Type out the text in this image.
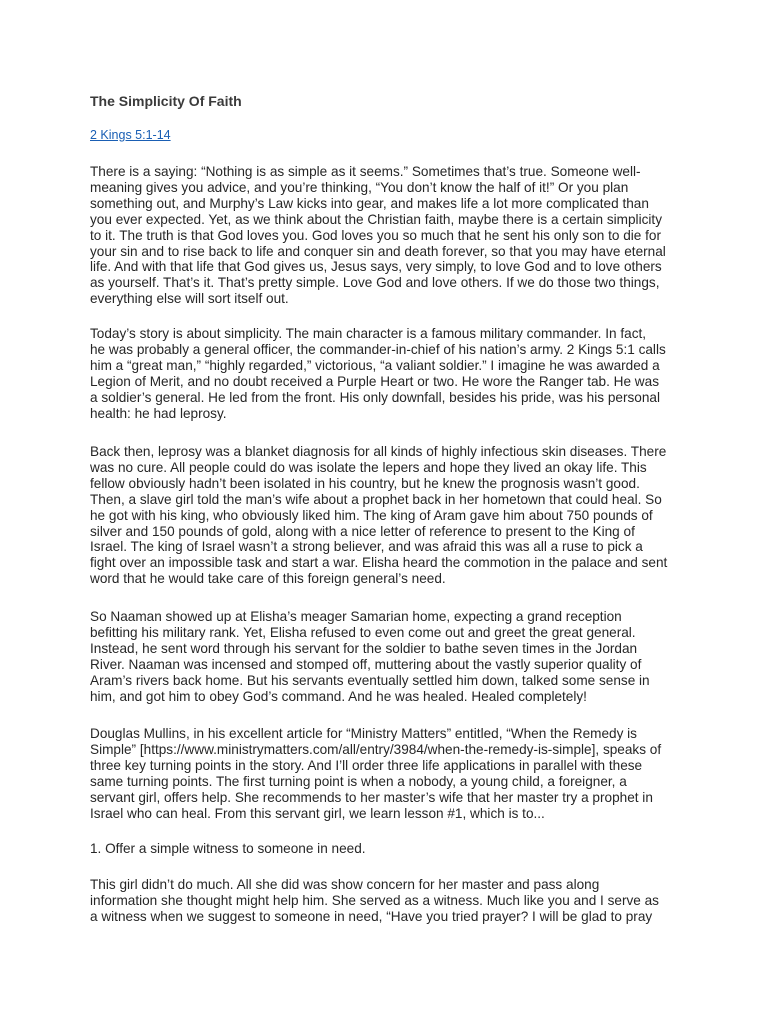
The Simplicity Of Faith
2 Kings 5:1-14

There is a saying: “Nothing is as simple as it seems.” Sometimes that’s true. Someone well-
meaning gives you advice, and you’re thinking, “You don’t know the half of it!” Or you plan
something out, and Murphy’s Law kicks into gear, and makes life a lot more complicated than
you ever expected. Yet, as we think about the Christian faith, maybe there is a certain simplicity
to it. The truth is that God loves you. God loves you so much that he sent his only son to die for
your sin and to rise back to life and conquer sin and death forever, so that you may have eternal
life. And with that life that God gives us, Jesus says, very simply, to love God and to love others
as yourself. That’s it. That’s pretty simple. Love God and love others. If we do those two things,
everything else will sort itself out.

Today’s story is about simplicity. The main character is a famous military commander. In fact,
he was probably a general officer, the commander-in-chief of his nation’s army. 2 Kings 5:1 calls
him a “great man,” “highly regarded,” victorious, “a valiant soldier.” I imagine he was awarded a
Legion of Merit, and no doubt received a Purple Heart or two. He wore the Ranger tab. He was
a soldier’s general. He led from the front. His only downfall, besides his pride, was his personal
health: he had leprosy.

Back then, leprosy was a blanket diagnosis for all kinds of highly infectious skin diseases. There
was no cure. All people could do was isolate the lepers and hope they lived an okay life. This
fellow obviously hadn’t been isolated in his country, but he knew the prognosis wasn’t good.
Then, a slave girl told the man’s wife about a prophet back in her hometown that could heal. So
he got with his king, who obviously liked him. The king of Aram gave him about 750 pounds of
silver and 150 pounds of gold, along with a nice letter of reference to present to the King of
Israel. The king of Israel wasn’t a strong believer, and was afraid this was all a ruse to pick a
fight over an impossible task and start a war. Elisha heard the commotion in the palace and sent
word that he would take care of this foreign general’s need.

So Naaman showed up at Elisha’s meager Samarian home, expecting a grand reception
befitting his military rank. Yet, Elisha refused to even come out and greet the great general.
Instead, he sent word through his servant for the soldier to bathe seven times in the Jordan
River. Naaman was incensed and stomped off, muttering about the vastly superior quality of
Aram’s rivers back home. But his servants eventually settled him down, talked some sense in
him, and got him to obey God’s command. And he was healed. Healed completely!

Douglas Mullins, in his excellent article for “Ministry Matters” entitled, “When the Remedy is
Simple” [https://www.ministrymatters.com/all/entry/3984/when-the-remedy-is-simple], speaks of
three key turning points in the story. And I’ll order three life applications in parallel with these
same turning points. The first turning point is when a nobody, a young child, a foreigner, a
servant girl, offers help. She recommends to her master’s wife that her master try a prophet in
Israel who can heal. From this servant girl, we learn lesson #1, which is to...

1. Offer a simple witness to someone in need.

This girl didn’t do much. All she did was show concern for her master and pass along
information she thought might help him. She served as a witness. Much like you and I serve as
a witness when we suggest to someone in need, “Have you tried prayer? I will be glad to pray
